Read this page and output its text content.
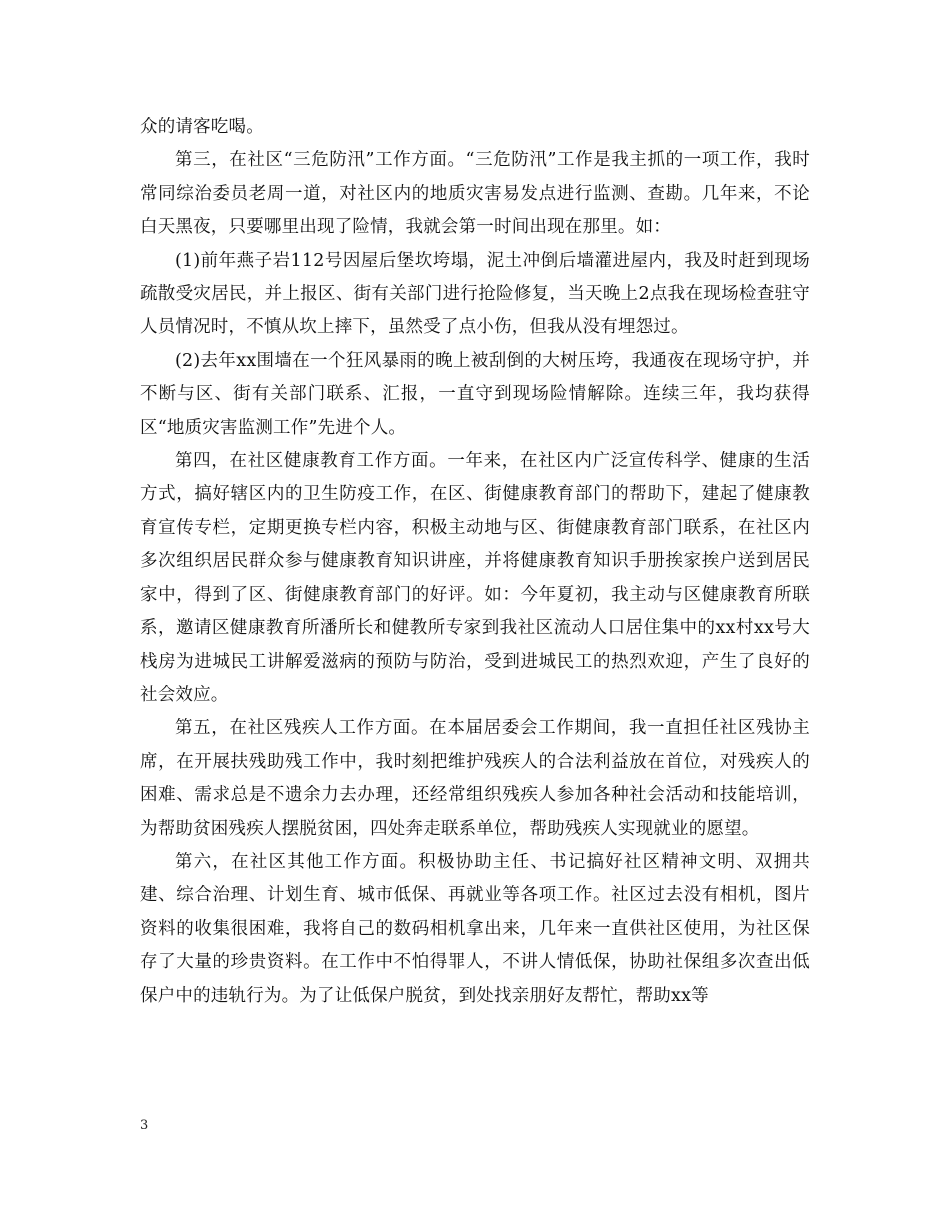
众的请客吃喝。

第三，在社区“三危防汛”工作方面。“三危防汛”工作是我主抓的一项工作，我时常同综治委员老周一道，对社区内的地质灾害易发点进行监测、查勘。几年来，不论白天黑夜，只要哪里出现了险情，我就会第一时间出现在那里。如：

(1)前年燕子岩112号因屋后堡坎垮塌，泥土冲倒后墙灌进屋内，我及时赶到现场疏散受灾居民，并上报区、街有关部门进行抢险修复，当天晚上2点我在现场检查驻守人员情况时，不慎从坎上摔下，虽然受了点小伤，但我从没有埋怨过。

(2)去年xx围墙在一个狂风暴雨的晚上被刮倒的大树压垮，我通夜在现场守护，并不断与区、街有关部门联系、汇报，一直守到现场险情解除。连续三年，我均获得区“地质灾害监测工作”先进个人。

第四，在社区健康教育工作方面。一年来，在社区内广泛宣传科学、健康的生活方式，搞好辖区内的卫生防疫工作，在区、街健康教育部门的帮助下，建起了健康教育宣传专栏，定期更换专栏内容，积极主动地与区、街健康教育部门联系，在社区内多次组织居民群众参与健康教育知识讲座，并将健康教育知识手册挨家挨户送到居民家中，得到了区、街健康教育部门的好评。如：今年夏初，我主动与区健康教育所联系，邀请区健康教育所潘所长和健教所专家到我社区流动人口居住集中的xx村xx号大栈房为进城民工讲解爱滋病的预防与防治，受到进城民工的热烈欢迎，产生了良好的社会效应。

第五，在社区残疾人工作方面。在本届居委会工作期间，我一直担任社区残协主席，在开展扶残助残工作中，我时刻把维护残疾人的合法利益放在首位，对残疾人的困难、需求总是不遗余力去办理，还经常组织残疾人参加各种社会活动和技能培训，为帮助贫困残疾人摆脱贫困，四处奔走联系单位，帮助残疾人实现就业的愿望。

第六，在社区其他工作方面。积极协助主任、书记搞好社区精神文明、双拥共建、综合治理、计划生育、城市低保、再就业等各项工作。社区过去没有相机，图片资料的收集很困难，我将自己的数码相机拿出来，几年来一直供社区使用，为社区保存了大量的珍贵资料。在工作中不怕得罪人，不讲人情低保，协助社保组多次查出低保户中的违轨行为。为了让低保户脱贫，到处找亲朋好友帮忙，帮助xx等

3
